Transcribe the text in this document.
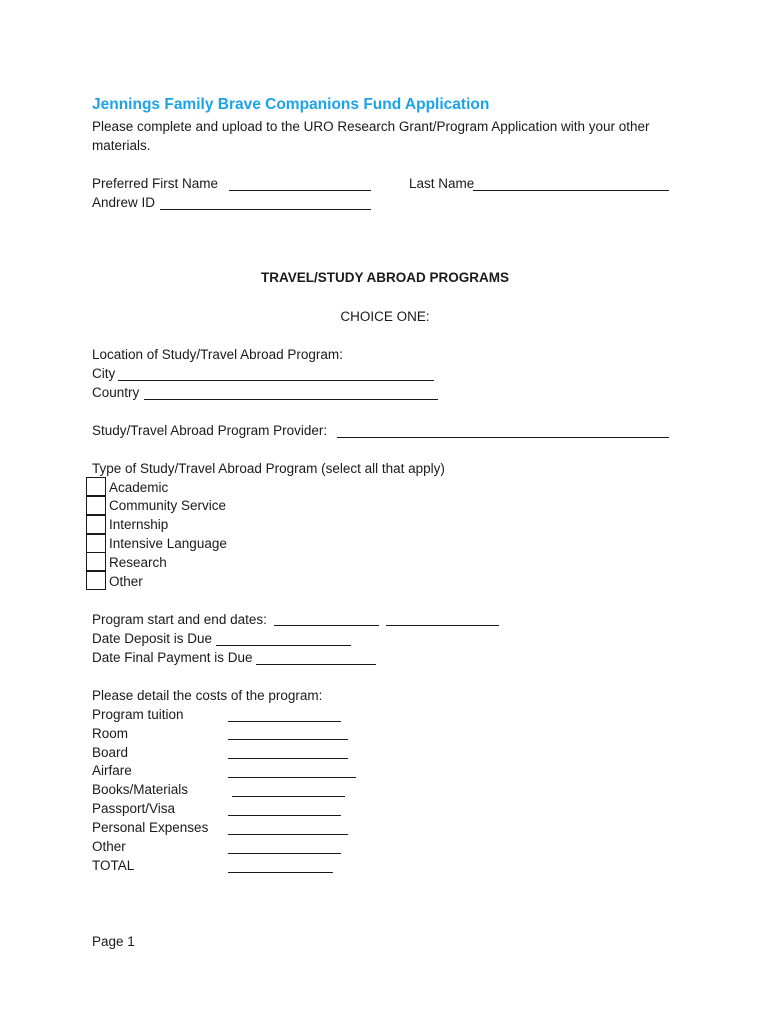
Jennings Family Brave Companions Fund Application
Please complete and upload to the URO Research Grant/Program Application with your other
materials.
Preferred First Name	Last Name
Andrew ID
TRAVEL/STUDY ABROAD PROGRAMS
CHOICE ONE:
Location of Study/Travel Abroad Program:
City
Country
Study/Travel Abroad Program Provider:
Type of Study/Travel Abroad Program (select all that apply)
Academic
Community Service
Internship
Intensive Language
Research
Other
Program start and end dates:
Date Deposit is Due
Date Final Payment is Due
Please detail the costs of the program:
Program tuition
Room
Board
Airfare
Books/Materials
Passport/Visa
Personal Expenses
Other
TOTAL
Page 1
